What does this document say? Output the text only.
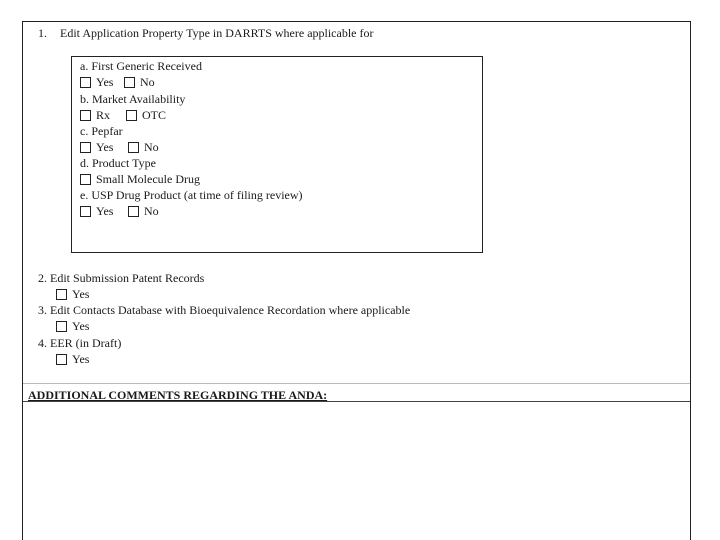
1. Edit Application Property Type in DARRTS where applicable for
a. First Generic Received
Yes No
b. Market Availability
Rx	OTC
c. Pepfar
Yes	No
d. Product Type
Small Molecule Drug
e. USP Drug Product (at time of filing review)
Yes	No
2. Edit Submission Patent Records
Yes
3. Edit Contacts Database with Bioequivalence Recordation where applicable
Yes
4. EER (in Draft)
Yes
ADDITIONAL COMMENTS REGARDING THE ANDA:
